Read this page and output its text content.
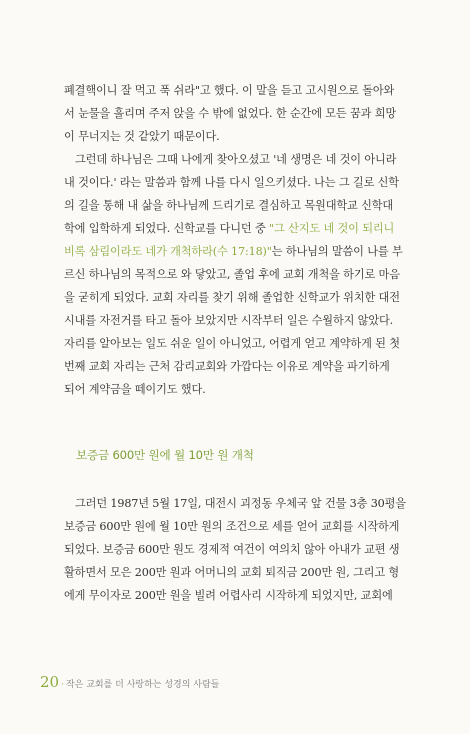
폐결핵이니 잘 먹고 푹 쉬라"고 했다. 이 말을 듣고 고시원으로 돌아와
서 눈물을 흘리며 주저 앉을 수 밖에 없었다. 한 순간에 모든 꿈과 희망
이 무너지는 것 같았기 때문이다.

그런데 하나님은 그때 나에게 찾아오셨고 '네 생명은 네 것이 아니라
내 것이다.' 라는 말씀과 함께 나를 다시 일으키셨다. 나는 그 길로 신학
의 길을 통해 내 삶을 하나님께 드리기로 결심하고 목원대학교 신학대
학에 입학하게 되었다. 신학교를 다니던 중 "그 산지도 네 것이 되리니
비록 삼림이라도 네가 개척하라(수 17:18)"는 하나님의 말씀이 나를 부
르신 하나님의 목적으로 와 닿았고, 졸업 후에 교회 개척을 하기로 마음
을 굳히게 되었다. 교회 자리를 찾기 위해 졸업한 신학교가 위치한 대전
시내를 자전거를 타고 돌아 보았지만 시작부터 일은 수월하지 않았다.
자리를 알아보는 일도 쉬운 일이 아니었고, 어렵게 얻고 계약하게 된 첫
번째 교회 자리는 근처 감리교회와 가깝다는 이유로 계약을 파기하게
되어 계약금을 떼이기도 했다.

보증금 600만 원에 월 10만 원 개척

그러던 1987년 5월 17일, 대전시 괴정동 우체국 앞 건물 3층 30평을
보증금 600만 원에 월 10만 원의 조건으로 세를 얻어 교회를 시작하게
되었다. 보증금 600만 원도 경제적 여건이 여의치 않아 아내가 교편 생
활하면서 모은 200만 원과 어머니의 교회 퇴직금 200만 원, 그리고 형
에게 무이자로 200만 원을 빌려 어렵사리 시작하게 되었지만, 교회에

20 · 작은 교회를 더 사랑하는 성경의 사람들
